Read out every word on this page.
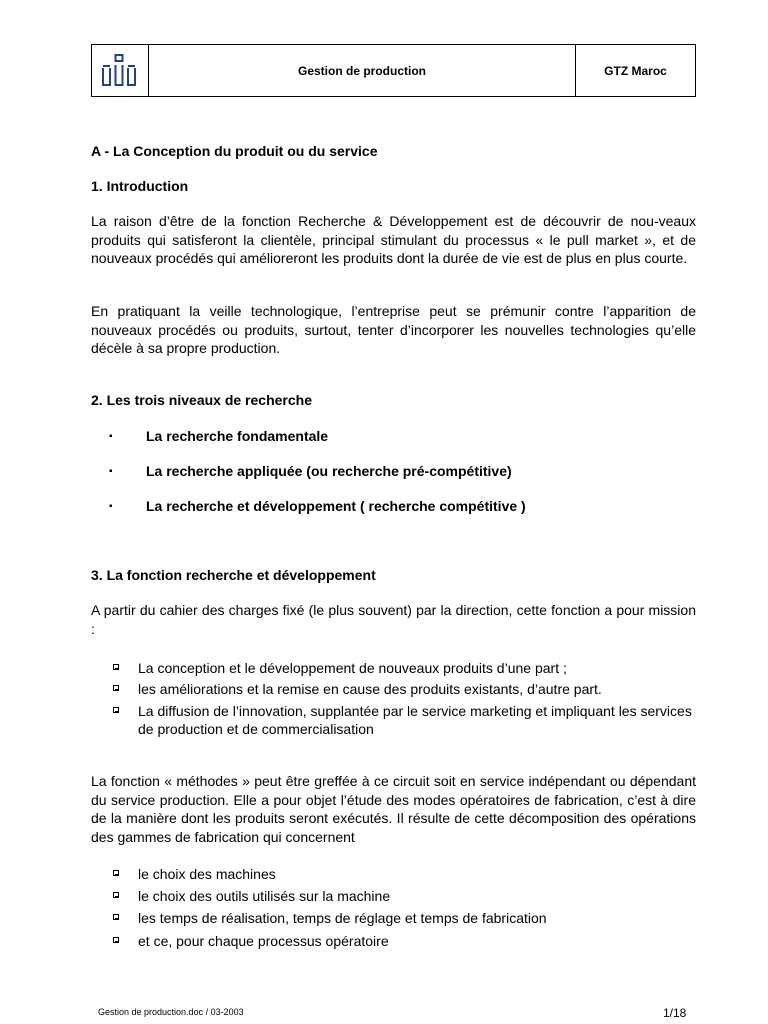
Gestion de production	GTZ Maroc
A - La Conception du produit ou du service
1. Introduction
La raison d’être de la fonction Recherche & Développement est de découvrir de nou-veaux produits qui satisferont la clientèle, principal stimulant du processus « le pull market », et de nouveaux procédés qui amélioreront les produits dont la durée de vie est de plus en plus courte.
En pratiquant la veille technologique, l’entreprise peut se prémunir contre l’apparition de nouveaux procédés ou produits, surtout, tenter d’incorporer les nouvelles technologies qu’elle décèle à sa propre production.
2. Les trois niveaux de recherche
▪ La recherche fondamentale
▪ La recherche appliquée (ou recherche pré-compétitive)
▪ La recherche et développement ( recherche compétitive )
3. La fonction recherche et développement
A partir du cahier des charges fixé (le plus souvent) par la direction, cette fonction a pour mission :
La conception et le développement de nouveaux produits d’une part ;
les améliorations et la remise en cause des produits existants, d’autre part.
La diffusion de l’innovation, supplantée par le service marketing et impliquant les services de production et de commercialisation
La fonction « méthodes » peut être greffée à ce circuit soit en service indépendant ou dépendant du service production. Elle a pour objet l’étude des modes opératoires de fabrication, c’est à dire de la manière dont les produits seront exécutés. Il résulte de cette décomposition des opérations des gammes de fabrication qui concernent
le choix des machines
le choix des outils utilisés sur la machine
les temps de réalisation, temps de réglage et temps de fabrication
et ce, pour chaque processus opératoire
Gestion de production.doc / 03-2003	1/18
